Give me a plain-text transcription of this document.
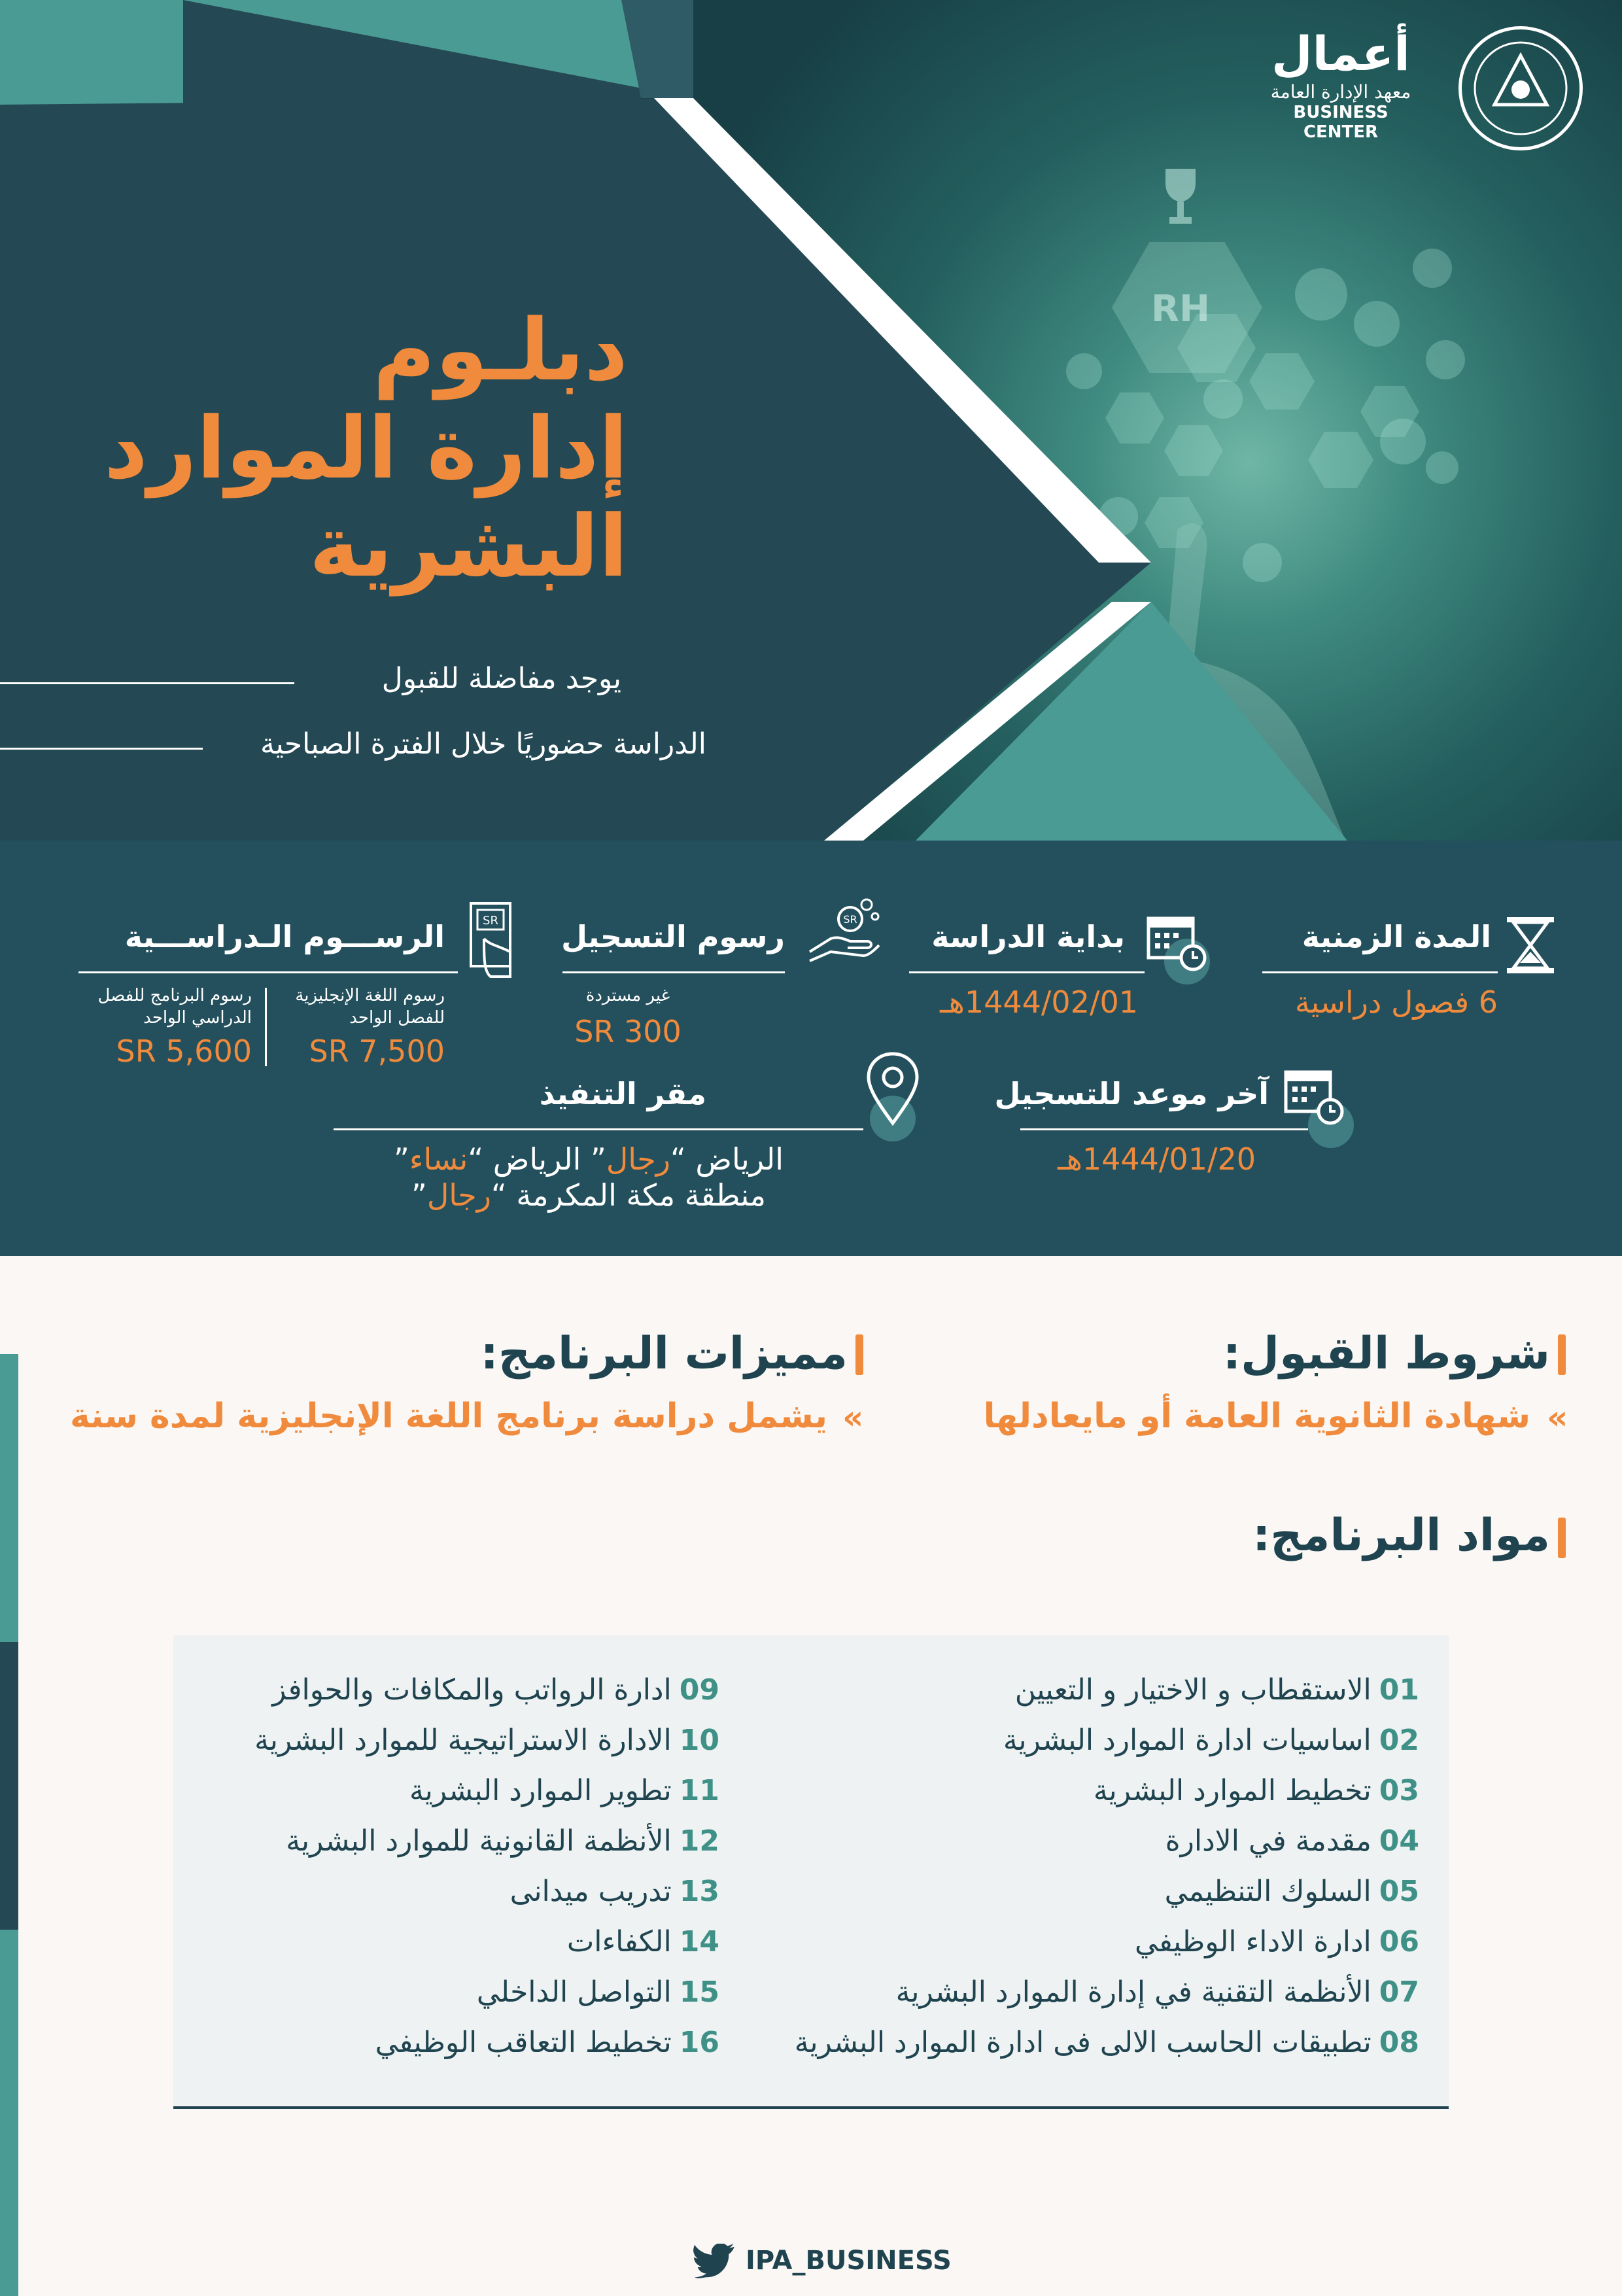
RH
أعمال
معهد الإدارة العامة
BUSINESS CENTER
دبلـوم
إدارة الموارد
البشرية
يوجد مفاضلة للقبول
الدراسة حضوريًا خلال الفترة الصباحية
المدة الزمنية
6 فصول دراسية
بداية الدراسة
1444/02/01هـ
رسوم التسجيل	SR
غير مستردة
300 SR
الرســـوم الـدراســـية	SR
رسوم اللغة الإنجليزية للفصل الواحد
7,500 SR
رسوم البرنامج للفصل الدراسي الواحد
5,600 SR
آخر موعد للتسجيل
1444/01/20هـ
مقر التنفيذ
الرياض “رجال” الرياض “نساء”
منطقة مكة المكرمة “رجال”
شروط القبول:
«
شهادة الثانوية العامة أو مايعادلها
مميزات البرنامج:
«
يشمل دراسة برنامج اللغة الإنجليزية لمدة سنة
مواد البرنامج:
01الاستقطاب و الاختيار و التعيين
02اساسيات ادارة الموارد البشرية
03تخطيط الموارد البشرية
04مقدمة في الادارة
05السلوك التنظيمي
06ادارة الاداء الوظيفي
07الأنظمة التقنية في إدارة الموارد البشرية
08تطبيقات الحاسب الالى فى ادارة الموارد البشرية
09ادارة الرواتب والمكافات والحوافز
10الادارة الاستراتيجية للموارد البشرية
11تطوير الموارد البشرية
12الأنظمة القانونية للموارد البشرية
13تدريب ميدانى
14الكفاءات
15التواصل الداخلي
16تخطيط التعاقب الوظيفي
IPA_BUSINESS
